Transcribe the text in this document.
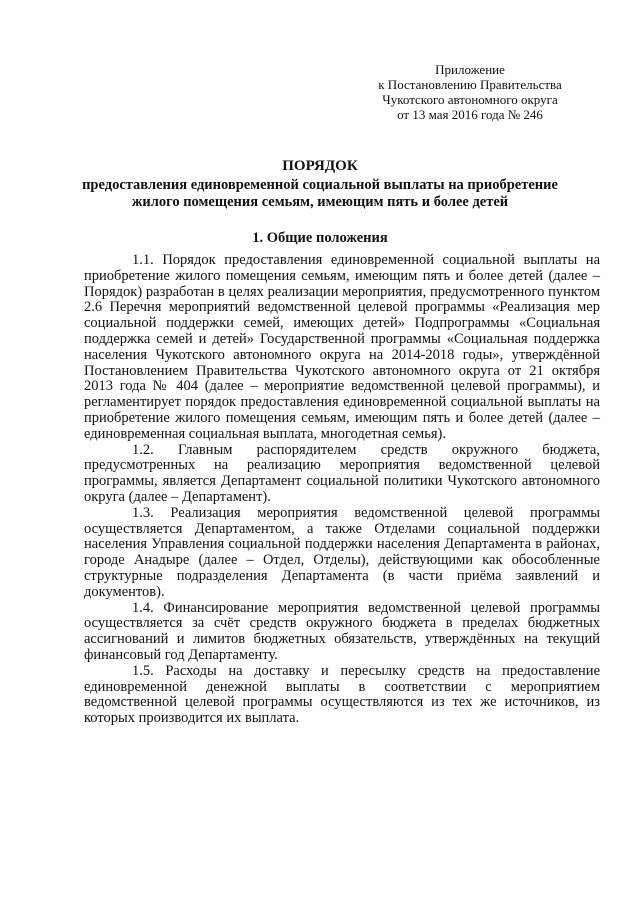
Приложение
к Постановлению Правительства
Чукотского автономного округа
от 13 мая 2016 года № 246
ПОРЯДОК
предоставления единовременной социальной выплаты на приобретение
жилого помещения семьям, имеющим пять и более детей
1. Общие положения

1.1. Порядок предоставления единовременной социальной выплаты на приобретение жилого помещения семьям, имеющим пять и более детей (далее – Порядок) разработан в целях реализации мероприятия, предусмотренного пунктом 2.6 Перечня мероприятий ведомственной целевой программы «Реализация мер социальной поддержки семей, имеющих детей» Подпрограммы «Социальная поддержка семей и детей» Государственной программы «Социальная поддержка населения Чукотского автономного округа на 2014-2018 годы», утверждённой Постановлением Правительства Чукотского автономного округа от 21 октября 2013 года № 404 (далее – мероприятие ведомственной целевой программы), и регламентирует порядок предоставления единовременной социальной выплаты на приобретение жилого помещения семьям, имеющим пять и более детей (далее – единовременная социальная выплата, многодетная семья).

1.2. Главным распорядителем средств окружного бюджета, предусмотренных на реализацию мероприятия ведомственной целевой программы, является Департамент социальной политики Чукотского автономного округа (далее – Департамент).

1.3. Реализация мероприятия ведомственной целевой программы осуществляется Департаментом, а также Отделами социальной поддержки населения Управления социальной поддержки населения Департамента в районах, городе Анадыре (далее – Отдел, Отделы), действующими как обособленные структурные подразделения Департамента (в части приёма заявлений и документов).

1.4. Финансирование мероприятия ведомственной целевой программы осуществляется за счёт средств окружного бюджета в пределах бюджетных ассигнований и лимитов бюджетных обязательств, утверждённых на текущий финансовый год Департаменту.

1.5. Расходы на доставку и пересылку средств на предоставление единовременной денежной выплаты в соответствии с мероприятием ведомственной целевой программы осуществляются из тех же источников, из которых производится их выплата.
